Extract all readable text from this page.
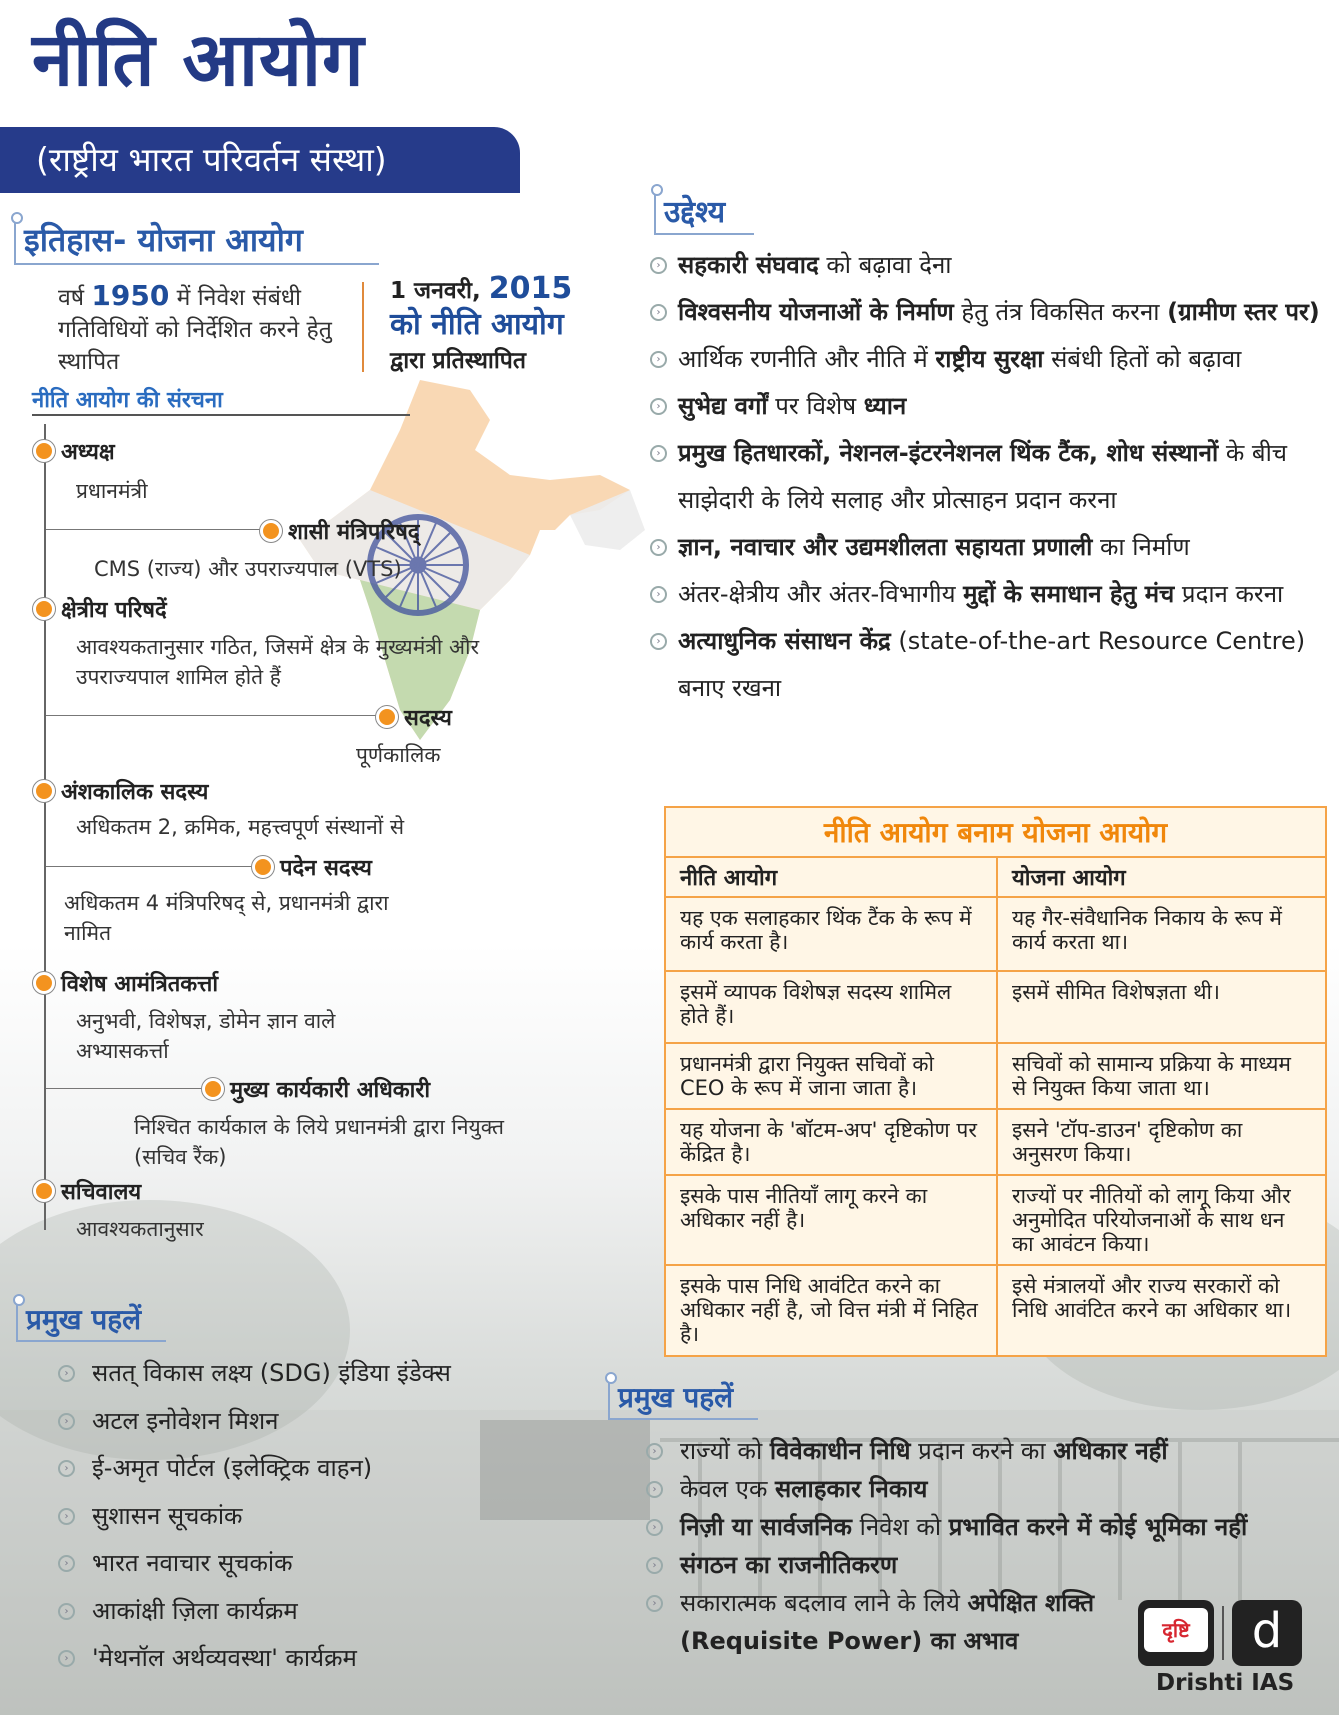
नीति आयोग
(राष्ट्रीय भारत परिवर्तन संस्था)
इतिहास- योजना आयोग
वर्ष 1950 में निवेश संबंधी गतिविधियों को निर्देशित करने हेतु स्थापित
1 जनवरी, 2015
को नीति आयोग
द्वारा प्रतिस्थापित
नीति आयोग की संरचना
अध्यक्ष
प्रधानमंत्री
शासी मंत्रिपरिषद्
CMS (राज्य) और उपराज्यपाल (VTS)
क्षेत्रीय परिषदें
आवश्यकतानुसार गठित, जिसमें क्षेत्र के मुख्यमंत्री और उपराज्यपाल शामिल होते हैं
सदस्य
पूर्णकालिक
अंशकालिक सदस्य
अधिकतम 2, क्रमिक, महत्त्वपूर्ण संस्थानों से
पदेन सदस्य
अधिकतम 4 मंत्रिपरिषद् से, प्रधानमंत्री द्वारा नामित
विशेष आमंत्रितकर्त्ता
अनुभवी, विशेषज्ञ, डोमेन ज्ञान वाले अभ्यासकर्त्ता
मुख्य कार्यकारी अधिकारी
निश्चित कार्यकाल के लिये प्रधानमंत्री द्वारा नियुक्त (सचिव रैंक)
सचिवालय
आवश्यकतानुसार
उद्देश्य
› सहकारी संघवाद को बढ़ावा देना
› विश्वसनीय योजनाओं के निर्माण हेतु तंत्र विकसित करना (ग्रामीण स्तर पर)
› आर्थिक रणनीति और नीति में राष्ट्रीय सुरक्षा संबंधी हितों को बढ़ावा
› सुभेद्य वर्गों पर विशेष ध्यान
› प्रमुख हितधारकों, नेशनल-इंटरनेशनल थिंक टैंक, शोध संस्थानों के बीच साझेदारी के लिये सलाह और प्रोत्साहन प्रदान करना
› ज्ञान, नवाचार और उद्यमशीलता सहायता प्रणाली का निर्माण
› अंतर-क्षेत्रीय और अंतर-विभागीय मुद्दों के समाधान हेतु मंच प्रदान करना
› अत्याधुनिक संसाधन केंद्र (state-of-the-art Resource Centre) बनाए रखना
नीति आयोग बनाम योजना आयोग
नीति आयोग	योजना आयोग
यह एक सलाहकार थिंक टैंक के रूप में कार्य करता है।	यह गैर-संवैधानिक निकाय के रूप में कार्य करता था।
इसमें व्यापक विशेषज्ञ सदस्य शामिल होते हैं।	इसमें सीमित विशेषज्ञता थी।
प्रधानमंत्री द्वारा नियुक्त सचिवों को CEO के रूप में जाना जाता है।	सचिवों को सामान्य प्रक्रिया के माध्यम से नियुक्त किया जाता था।
यह योजना के 'बॉटम-अप' दृष्टिकोण पर केंद्रित है।	इसने 'टॉप-डाउन' दृष्टिकोण का अनुसरण किया।
इसके पास नीतियाँ लागू करने का अधिकार नहीं है।	राज्यों पर नीतियों को लागू किया और अनुमोदित परियोजनाओं के साथ धन का आवंटन किया।
इसके पास निधि आवंटित करने का अधिकार नहीं है, जो वित्त मंत्री में निहित है।	इसे मंत्रालयों और राज्य सरकारों को निधि आवंटित करने का अधिकार था।
प्रमुख पहलें
› सतत् विकास लक्ष्य (SDG) इंडिया इंडेक्स
› अटल इनोवेशन मिशन
› ई-अमृत पोर्टल (इलेक्ट्रिक वाहन)
› सुशासन सूचकांक
› भारत नवाचार सूचकांक
› आकांक्षी ज़िला कार्यक्रम
› 'मेथनॉल अर्थव्यवस्था' कार्यक्रम
प्रमुख पहलें
› राज्यों को विवेकाधीन निधि प्रदान करने का अधिकार नहीं
› केवल एक सलाहकार निकाय
› निज़ी या सार्वजनिक निवेश को प्रभावित करने में कोई भूमिका नहीं
› संगठन का राजनीतिकरण
› सकारात्मक बदलाव लाने के लिये अपेक्षित शक्ति (Requisite Power) का अभाव	दृष्टि	d
Drishti IAS
